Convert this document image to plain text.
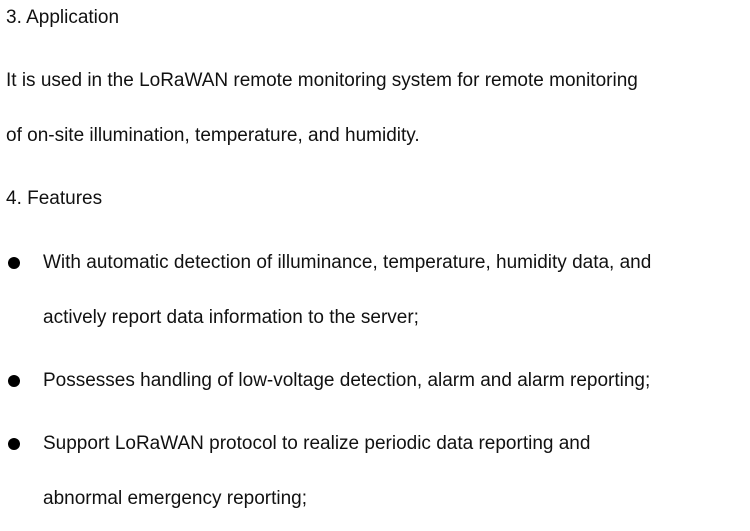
3. Application
It is used in the LoRaWAN remote monitoring system for remote monitoring
of on-site illumination, temperature, and humidity.
4. Features
With automatic detection of illuminance, temperature, humidity data, and
actively report data information to the server;
Possesses handling of low-voltage detection, alarm and alarm reporting;
Support LoRaWAN protocol to realize periodic data reporting and
abnormal emergency reporting;
